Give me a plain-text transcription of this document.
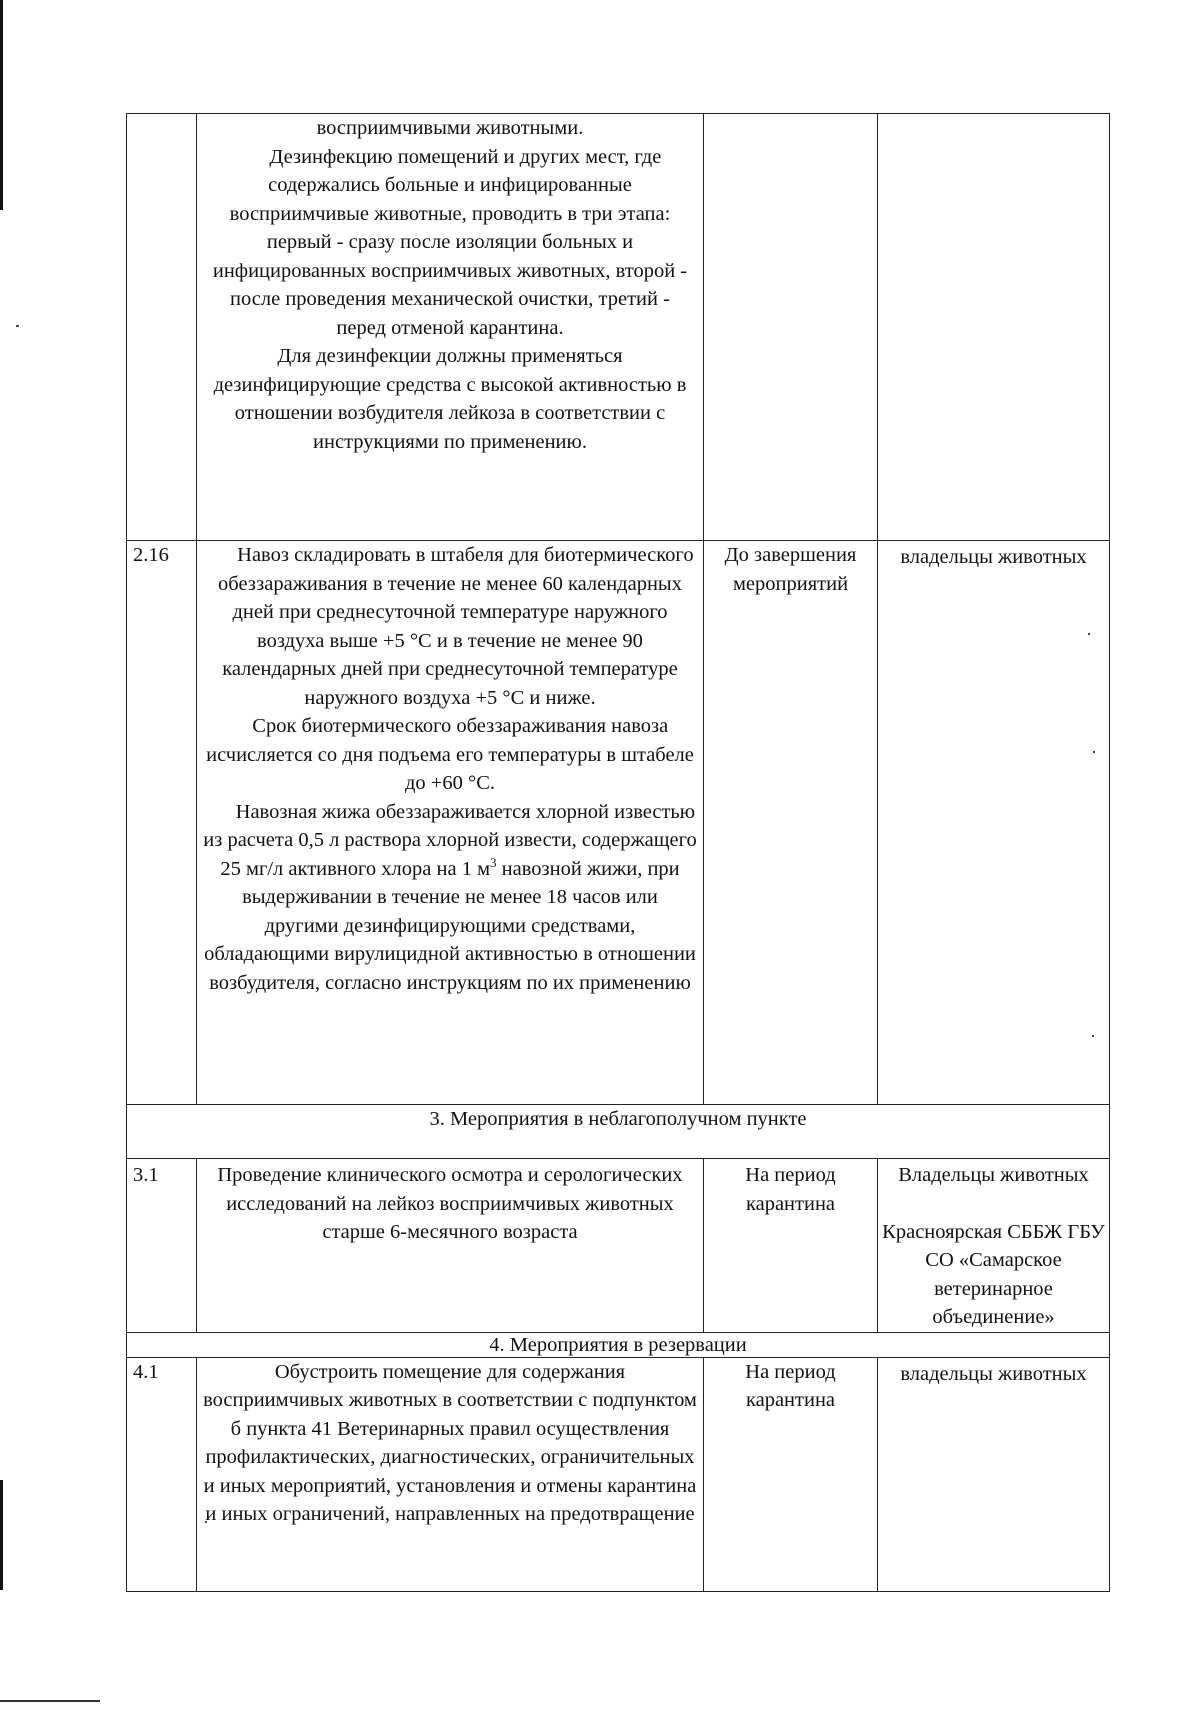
	восприимчивыми животными.
Дезинфекцию помещений и других мест, где содержались больные и инфицированные восприимчивые животные, проводить в три этапа: первый - сразу после изоляции больных и инфицированных восприимчивых животных, второй - после проведения механической очистки, третий - перед отменой карантина.
Для дезинфекции должны применяться дезинфицирующие средства с высокой активностью в отношении возбудителя лейкоза в соответствии с инструкциями по применению.		

2.16	Навоз складировать в штабеля для биотермического обеззараживания в течение не менее 60 календарных дней при среднесуточной температуре наружного воздуха выше +5 °С и в течение не менее 90 календарных дней при среднесуточной температуре наружного воздуха +5 °С и ниже.
Срок биотермического обеззараживания навоза исчисляется со дня подъема его температуры в штабеле до +60 °С.
Навозная жижа обеззараживается хлорной известью из расчета 0,5 л раствора хлорной извести, содержащего 25 мг/л активного хлора на 1 $м^3$ навозной жижи, при выдерживании в течение не менее 18 часов или другими дезинфицирующими средствами, обладающими вирулицидной активностью в отношении возбудителя, согласно инструкциям по их применению	До завершения мероприятий	владельцы животных
3. Мероприятия в неблагополучном пункте			
3.1	Проведение клинического осмотра и серологических исследований на лейкоз восприимчивых животных старше 6-месячного возраста	На период карантина	Владельцы животных
Красноярская СББЖ ГБУ СО «Самарское ветеринарное объединение»

4. Мероприятия в резервации			
4.1	Обустроить помещение для содержания восприимчивых животных в соответствии с подпунктом б пункта 41 Ветеринарных правил осуществления профилактических, диагностических, ограничительных и иных мероприятий, установления и отмены карантина и иных ограничений, направленных на предотвращение	На период карантина	владельцы животных
